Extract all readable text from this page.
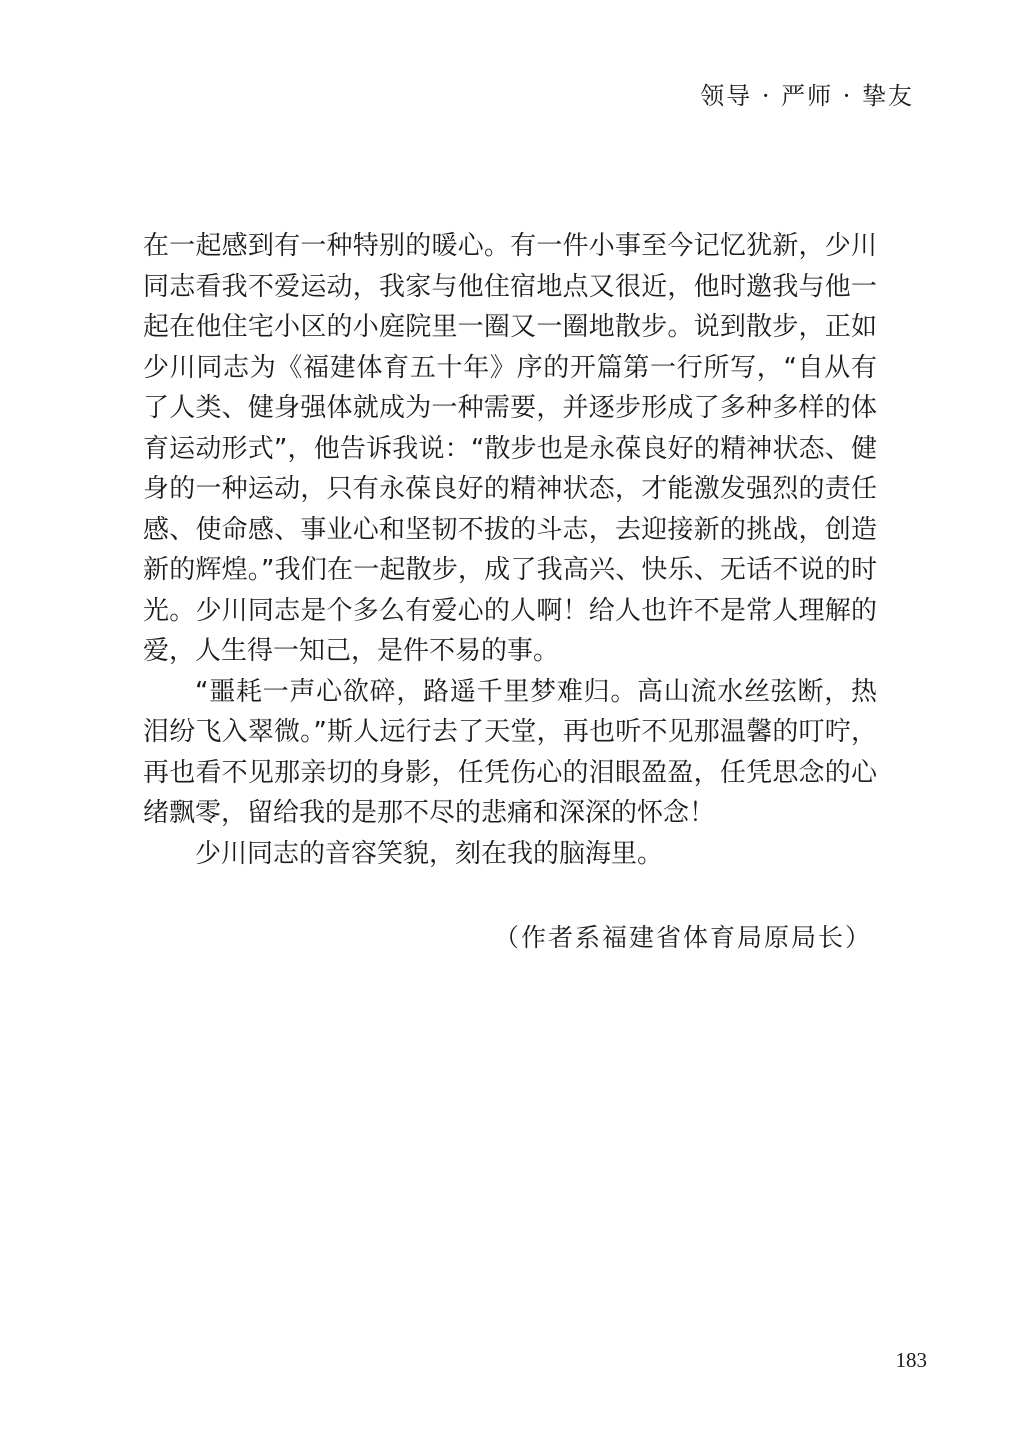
领导 · 严师 · 挚友

在一起感到有一种特别的暖心。有一件小事至今记忆犹新，少川同志看我不爱运动，我家与他住宿地点又很近，他时邀我与他一起在他住宅小区的小庭院里一圈又一圈地散步。说到散步，正如少川同志为《福建体育五十年》序的开篇第一行所写，“自从有了人类、健身强体就成为一种需要，并逐步形成了多种多样的体育运动形式”，他告诉我说：“散步也是永葆良好的精神状态、健身的一种运动，只有永葆良好的精神状态，才能激发强烈的责任感、使命感、事业心和坚韧不拔的斗志，去迎接新的挑战，创造新的辉煌。”我们在一起散步，成了我高兴、快乐、无话不说的时光。少川同志是个多么有爱心的人啊！给人也许不是常人理解的爱，人生得一知己，是件不易的事。

“噩耗一声心欲碎，路遥千里梦难归。高山流水丝弦断，热泪纷飞入翠微。”斯人远行去了天堂，再也听不见那温馨的叮咛，再也看不见那亲切的身影，任凭伤心的泪眼盈盈，任凭思念的心绪飘零，留给我的是那不尽的悲痛和深深的怀念！

少川同志的音容笑貌，刻在我的脑海里。

（作者系福建省体育局原局长）
183
